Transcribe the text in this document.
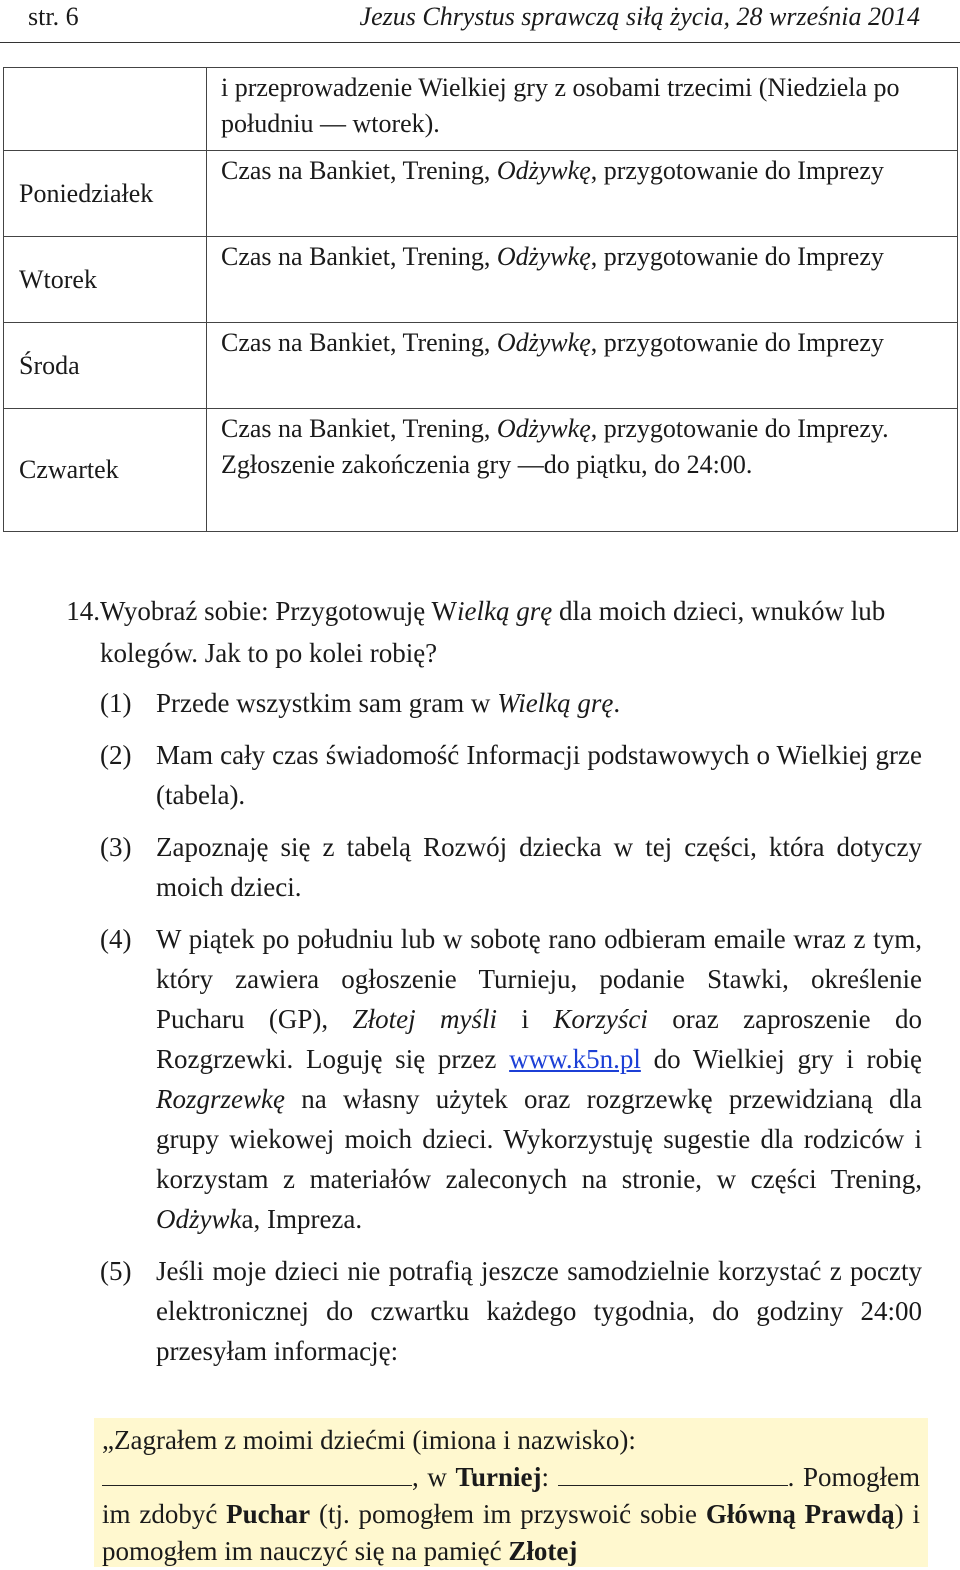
str. 6	Jezus Chrystus sprawczą siłą życia, 28 września 2014
	i przeprowadzenie Wielkiej gry z osobami trzecimi (Niedziela po południu — wtorek).
Poniedziałek	Czas na Bankiet, Trening, Odżywkę, przygotowanie do Imprezy
Wtorek	Czas na Bankiet, Trening, Odżywkę, przygotowanie do Imprezy
Środa	Czas na Bankiet, Trening, Odżywkę, przygotowanie do Imprezy
Czwartek	Czas na Bankiet, Trening, Odżywkę, przygotowanie do Imprezy. Zgłoszenie zakończenia gry —do piątku, do 24:00.
14.Wyobraź sobie: Przygotowuję Wielką grę dla moich dzieci, wnuków lub kolegów. Jak to po kolei robię?
(1) Przede wszystkim sam gram w Wielką grę.

(2) Mam cały czas świadomość Informacji podstawowych o Wielkiej grze (tabela).

(3) Zapoznaję się z tabelą Rozwój dziecka w tej części, która dotyczy moich dzieci.

(4) W piątek po południu lub w sobotę rano odbieram emaile wraz z tym, który zawiera ogłoszenie Turnieju, podanie Stawki, określenie Pucharu (GP), Złotej myśli i Korzyści oraz zaproszenie do Rozgrzewki. Loguję się przez www.k5n.pl do Wielkiej gry i robię Rozgrzewkę na własny użytek oraz rozgrzewkę przewidzianą dla grupy wiekowej moich dzieci. Wykorzystuję sugestie dla rodziców i korzystam z materiałów zaleconych na stronie, w części Trening, Odżywka, Impreza.

(5) Jeśli moje dzieci nie potrafią jeszcze samodzielnie korzystać z poczty elektronicznej do czwartku każdego tygodnia, do godziny 24:00 przesyłam informację:

„Zagrałem z moimi dziećmi (imiona i nazwisko):
, w Turniej:	. Pomogłem im zdobyć Puchar (tj. pomogłem im przyswoić sobie Główną Prawdą) i pomogłem im nauczyć się na pamięć Złotej
